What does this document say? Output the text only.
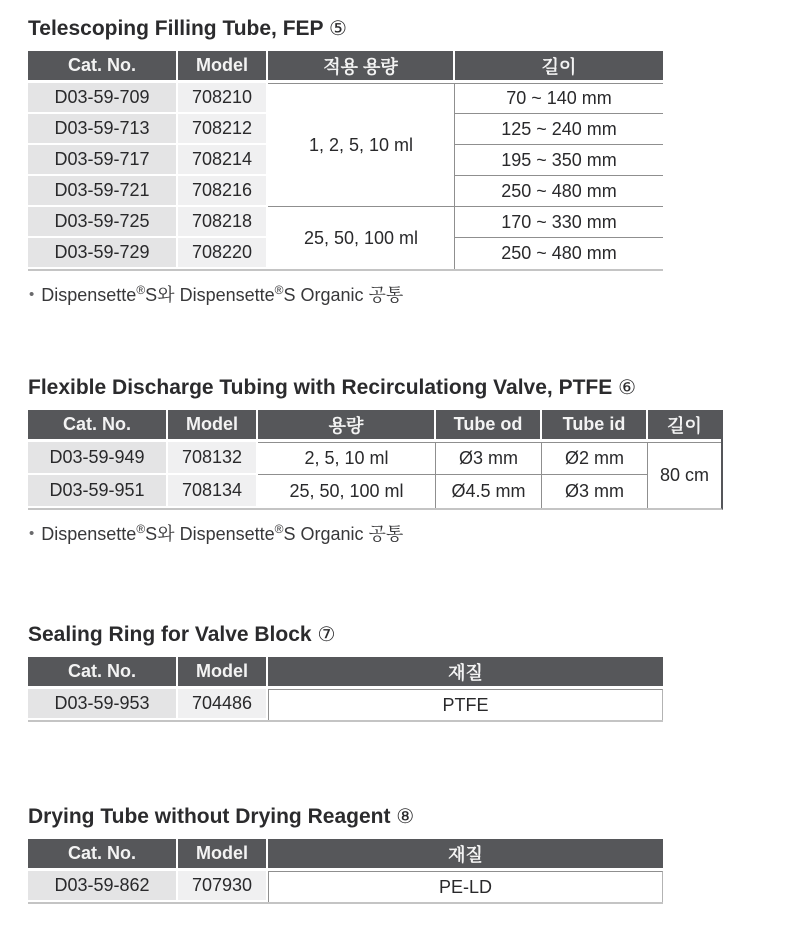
Telescoping Filling Tube, FEP ⑤
Cat. No.	Model	적용 용량	길이
D03-59-709	708210	1, 2, 5, 10 ml	70 ~ 140 mm
D03-59-713	708212		125 ~ 240 mm
D03-59-717	708214		195 ~ 350 mm
D03-59-721	708216		250 ~ 480 mm
D03-59-725	708218	25, 50, 100 ml	170 ~ 330 mm
D03-59-729	708220		250 ~ 480 mm

• Dispensette®S와 Dispensette®S Organic 공통

Flexible Discharge Tubing with Recirculationg Valve, PTFE ⑥
Cat. No.	Model	용량	Tube od	Tube id	길이
D03-59-949	708132	2, 5, 10 ml	Ø3 mm	Ø2 mm	80 cm
D03-59-951	708134	25, 50, 100 ml	Ø4.5 mm	Ø3 mm	

• Dispensette®S와 Dispensette®S Organic 공통

Sealing Ring for Valve Block ⑦
Cat. No.	Model	재질
D03-59-953	704486	PTFE
Drying Tube without Drying Reagent ⑧
Cat. No.	Model	재질
D03-59-862	707930	PE-LD
